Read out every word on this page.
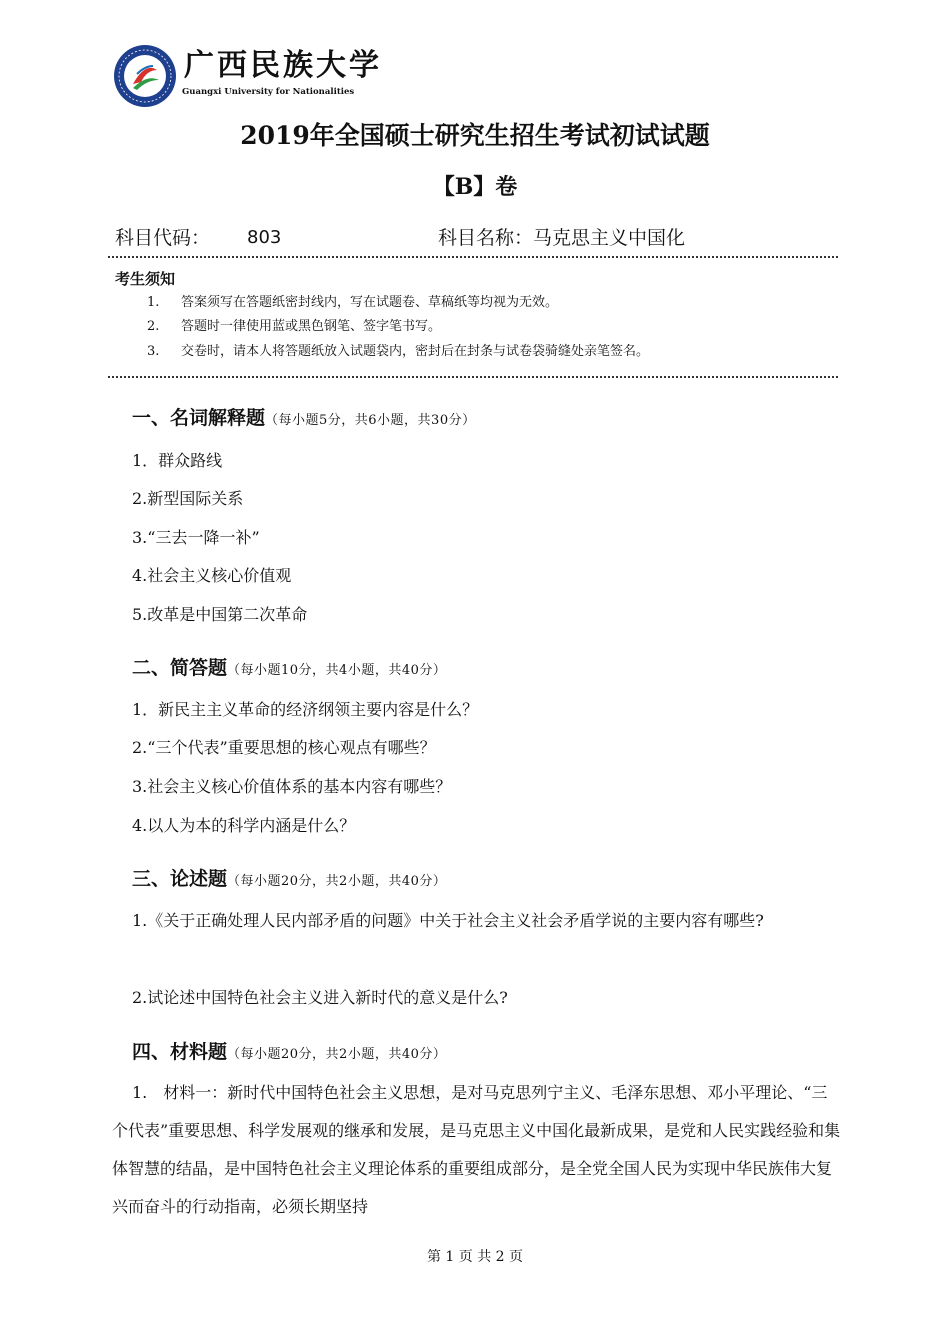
广西民族大学
Guangxi University for Nationalities
2019年全国硕士研究生招生考试初试试题
【B】卷
科目代码： 803	科目名称：马克思主义中国化
考生须知
1. 答案须写在答题纸密封线内，写在试题卷、草稿纸等均视为无效。
2. 答题时一律使用蓝或黑色钢笔、签字笔书写。
3. 交卷时，请本人将答题纸放入试题袋内，密封后在封条与试卷袋骑缝处亲笔签名。
一、名词解释题（每小题5分，共6小题，共30分）
1．群众路线
2.新型国际关系
3.“三去一降一补”
4.社会主义核心价值观
5.改革是中国第二次革命
二、简答题（每小题10分，共4小题，共40分）
1．新民主主义革命的经济纲领主要内容是什么？
2.“三个代表”重要思想的核心观点有哪些？
3.社会主义核心价值体系的基本内容有哪些？
4.以人为本的科学内涵是什么？
三、论述题（每小题20分，共2小题，共40分）

1.《关于正确处理人民内部矛盾的问题》中关于社会主义社会矛盾学说的主要内容有哪些?

2.试论述中国特色社会主义进入新时代的意义是什么?
四、材料题（每小题20分，共2小题，共40分）

1.　材料一：新时代中国特色社会主义思想，是对马克思列宁主义、毛泽东思想、邓小平理论、“三个代表”重要思想、科学发展观的继承和发展，是马克思主义中国化最新成果，是党和人民实践经验和集体智慧的结晶，是中国特色社会主义理论体系的重要组成部分，是全党全国人民为实现中华民族伟大复兴而奋斗的行动指南，必须长期坚持

第 1 页 共 2 页
